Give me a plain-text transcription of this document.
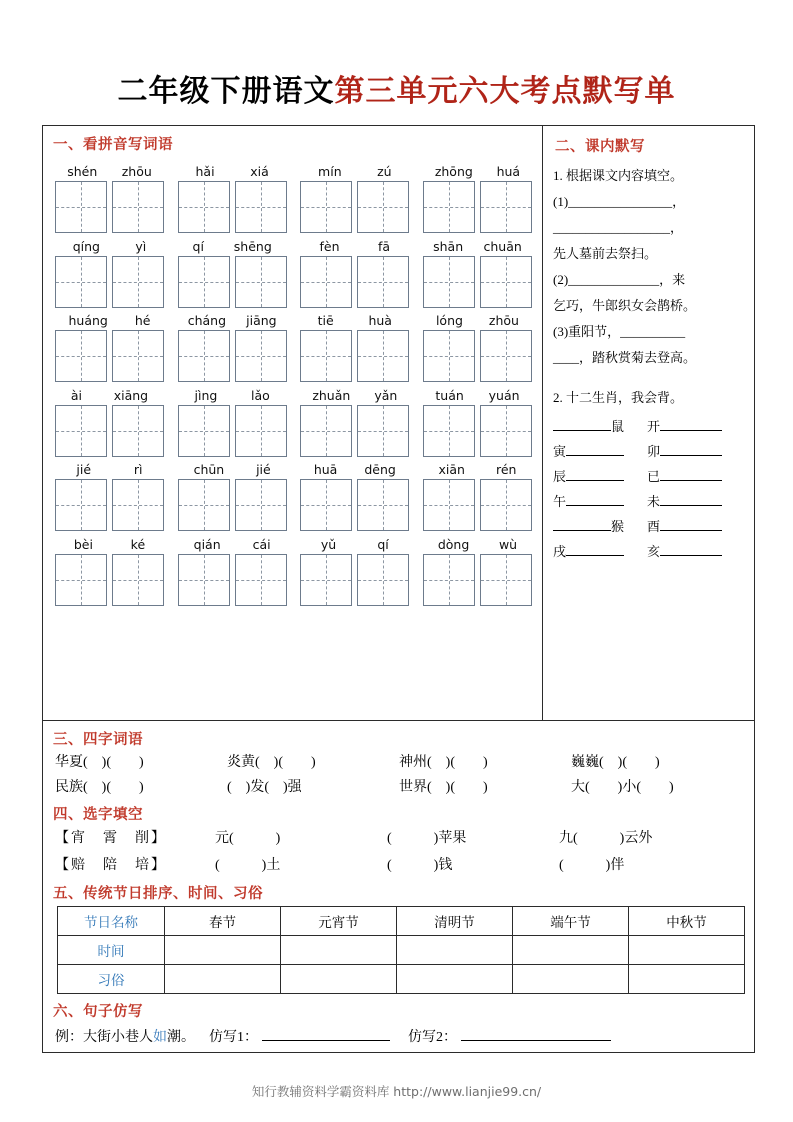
二年级下册语文第三单元六大考点默写单
一、看拼音写词语
shén zhōu	hǎi	xiá	mín	zú	zhōng huá
qíng	yì	qí shēng	fèn	fā	shān chuān
huáng hé	cháng jiāng	tiē	huà	lóng zhōu
ài	xiāng	jìng	lǎo	zhuǎn yǎn	tuán yuán
jié	rì	chūn	jié	huā dēng	xiān rén
bèi	ké	qián	cái	yǔ	qí	dòng wù
二、课内默写
1. 根据课文内容填空。
(1)________________，
__________________，
先人墓前去祭扫。
(2)______________，来
乞巧，牛郎织女会鹊桥。
(3)重阳节，__________
____，踏秋赏菊去登高。
2. 十二生肖，我会背。
鼠 开
寅	卯
辰	已
午	未
猴 酉
戌	亥
三、四字词语
华夏(　)(　　)	炎黄(　)(　　)	神州(　)(　　)	巍巍(　)(　　)
民族(　)(　　)	(　)发(　)强	世界(　)(　　)	大(　　)小(　　)
四、选字填空
【宵　霄　削】	元(　　　)	(　　　)苹果	九(　　　)云外
【赔　陪　培】	(　　　)土	(　　　)钱	(　　　)伴
五、传统节日排序、时间、习俗
节日名称	春节	元宵节	清明节	端午节	中秋节
时间					
习俗					
六、句子仿写
例：大街小巷人 如 潮。 仿写1：	仿写2：
知行教辅资料学霸资料库 http://www.lianjie99.cn/
